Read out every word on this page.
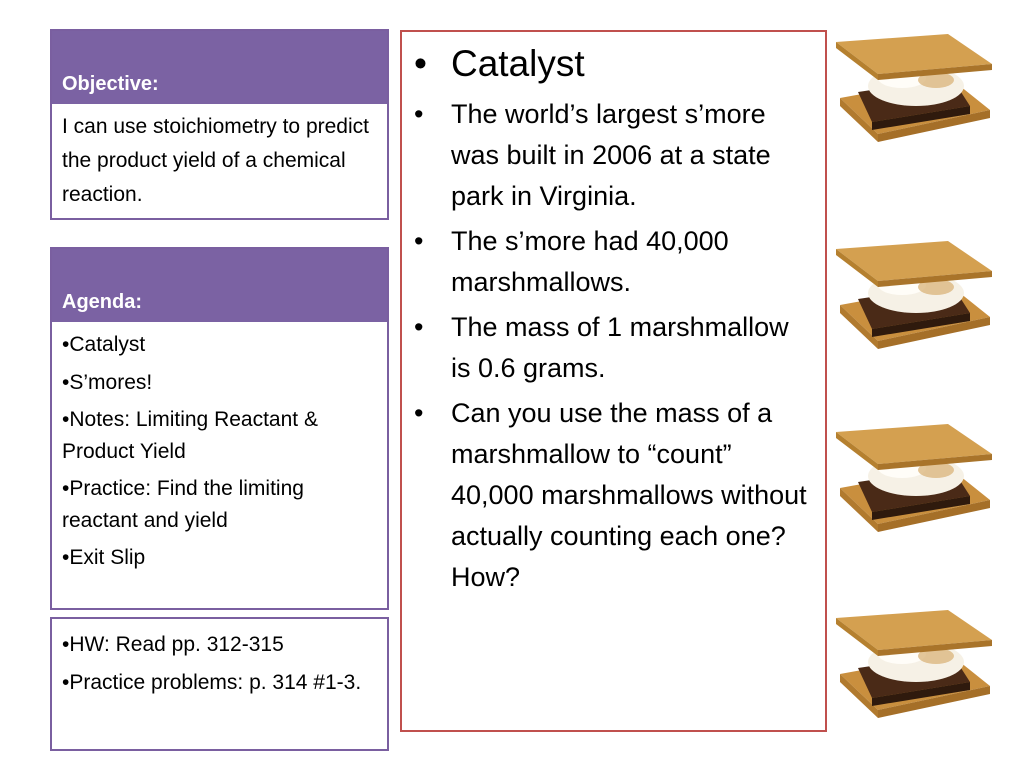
Objective:
I can use stoichiometry to predict the product yield of a chemical reaction.
Agenda:

•Catalyst

•S’mores!

•Notes: Limiting Reactant & Product Yield

•Practice: Find the limiting reactant and yield

•Exit Slip

•HW: Read pp. 312-315

•Practice problems: p. 314 #1-3.

• Catalyst
• The world’s largest s’more was built in 2006 at a state park in Virginia.
• The s’more had 40,000 marshmallows.
• The mass of 1 marshmallow is 0.6 grams.
• Can you use the mass of a marshmallow to “count” 40,000 marshmallows without actually counting each one? How?
